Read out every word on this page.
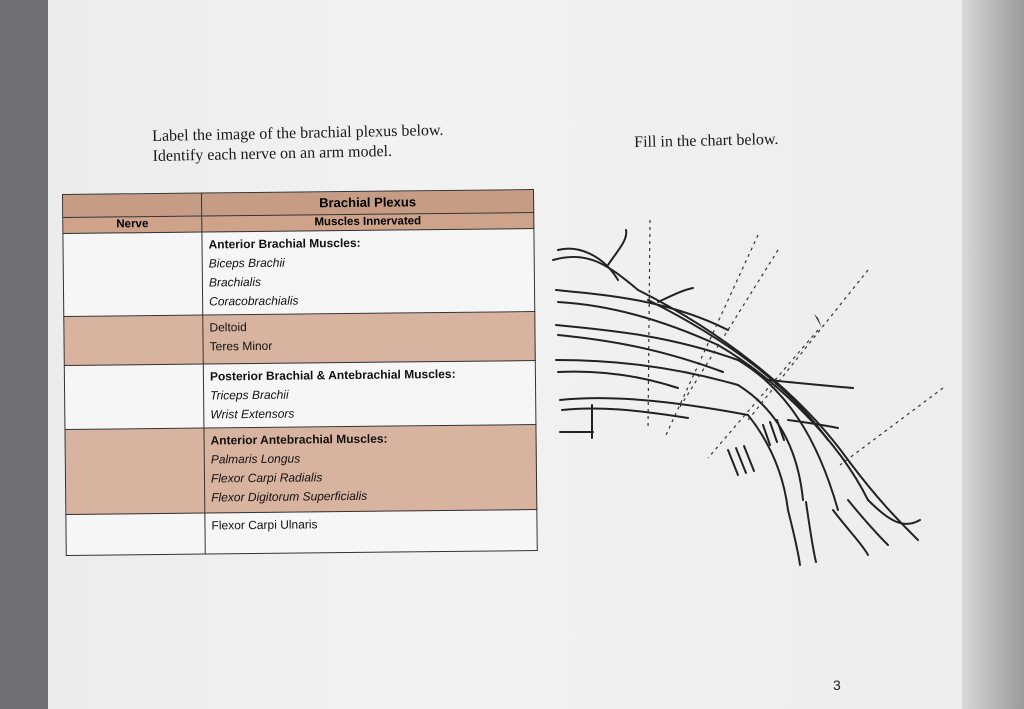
Label the image of the brachial plexus below.
Identify each nerve on an arm model.
Fill in the chart below.
	Brachial Plexus
Nerve	Muscles Innervated

	Anterior Brachial Muscles:
Biceps Brachii
Brachialis
Coracobrachialis

	Deltoid
Teres Minor

	Posterior Brachial & Antebrachial Muscles:
Triceps Brachii
Wrist Extensors

	Anterior Antebrachial Muscles:
Palmaris Longus
Flexor Carpi Radialis
Flexor Digitorum Superficialis

	Flexor Carpi Ulnaris
3
